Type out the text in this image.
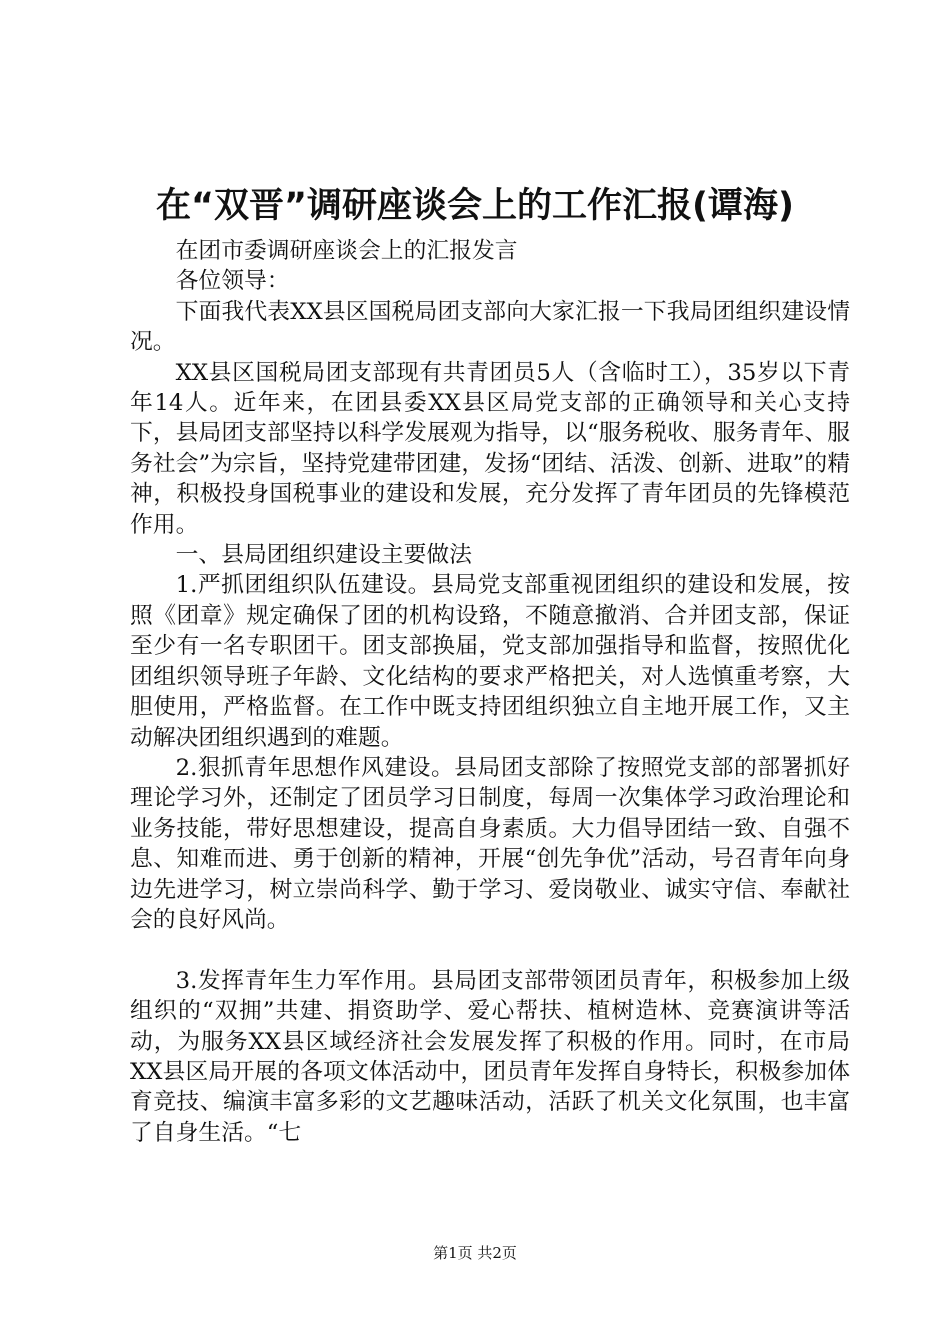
在“双晋”调研座谈会上的工作汇报(谭海)

在团市委调研座谈会上的汇报发言

各位领导：

下面我代表XX县区国税局团支部向大家汇报一下我局团组织建设情况。

XX县区国税局团支部现有共青团员5人（含临时工），35岁以下青年14人。近年来，在团县委XX县区局党支部的正确领导和关心支持下，县局团支部坚持以科学发展观为指导，以“服务税收、服务青年、服务社会”为宗旨，坚持党建带团建，发扬“团结、活泼、创新、进取”的精神，积极投身国税事业的建设和发展，充分发挥了青年团员的先锋模范作用。

一、县局团组织建设主要做法

1.严抓团组织队伍建设。县局党支部重视团组织的建设和发展，按照《团章》规定确保了团的机构设臵，不随意撤消、合并团支部，保证至少有一名专职团干。团支部换届，党支部加强指导和监督，按照优化团组织领导班子年龄、文化结构的要求严格把关，对人选慎重考察，大胆使用，严格监督。在工作中既支持团组织独立自主地开展工作，又主动解决团组织遇到的难题。

2.狠抓青年思想作风建设。县局团支部除了按照党支部的部署抓好理论学习外，还制定了团员学习日制度，每周一次集体学习政治理论和业务技能，带好思想建设，提高自身素质。大力倡导团结一致、自强不息、知难而进、勇于创新的精神，开展“创先争优”活动，号召青年向身边先进学习，树立崇尚科学、勤于学习、爱岗敬业、诚实守信、奉献社会的良好风尚。

3.发挥青年生力军作用。县局团支部带领团员青年，积极参加上级组织的“双拥”共建、捐资助学、爱心帮扶、植树造林、竞赛演讲等活动，为服务XX县区域经济社会发展发挥了积极的作用。同时，在市局XX县区局开展的各项文体活动中，团员青年发挥自身特长，积极参加体育竞技、编演丰富多彩的文艺趣味活动，活跃了机关文化氛围，也丰富了自身生活。“七

第1页 共2页
